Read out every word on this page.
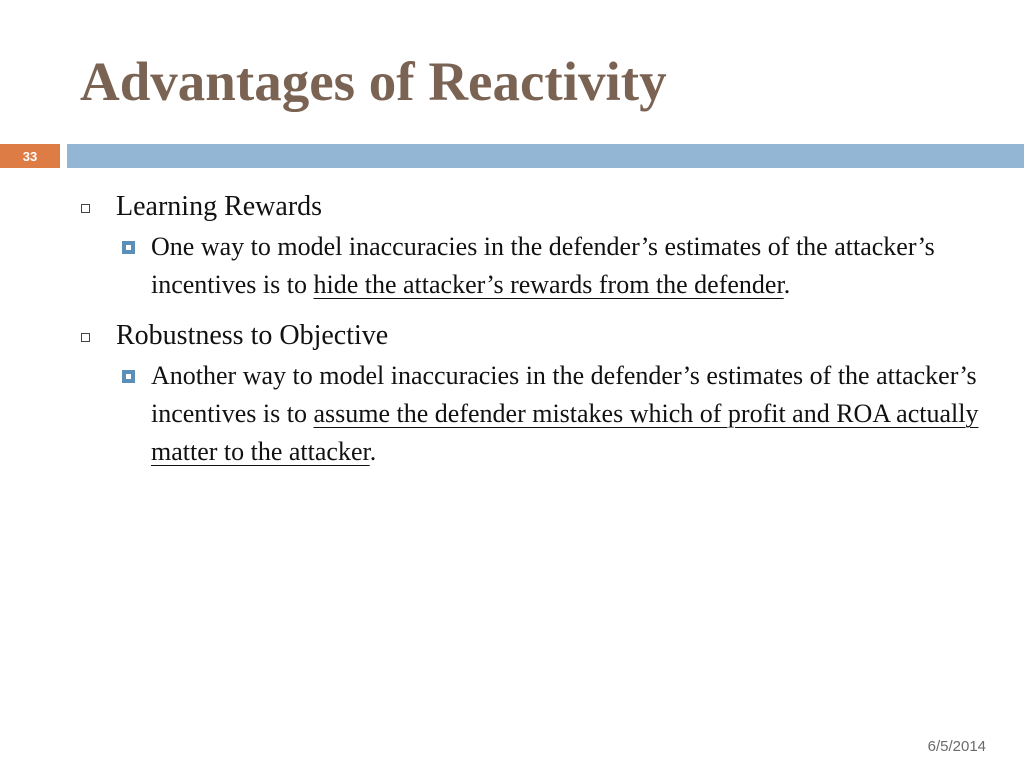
Advantages of Reactivity
33
Learning Rewards
One way to model inaccuracies in the defender’s estimates of the attacker’s incentives is to hide the attacker’s rewards from the defender.
Robustness to Objective
Another way to model inaccuracies in the defender’s estimates of the attacker’s incentives is to assume the defender mistakes which of profit and ROA actually matter to the attacker.
6/5/2014
